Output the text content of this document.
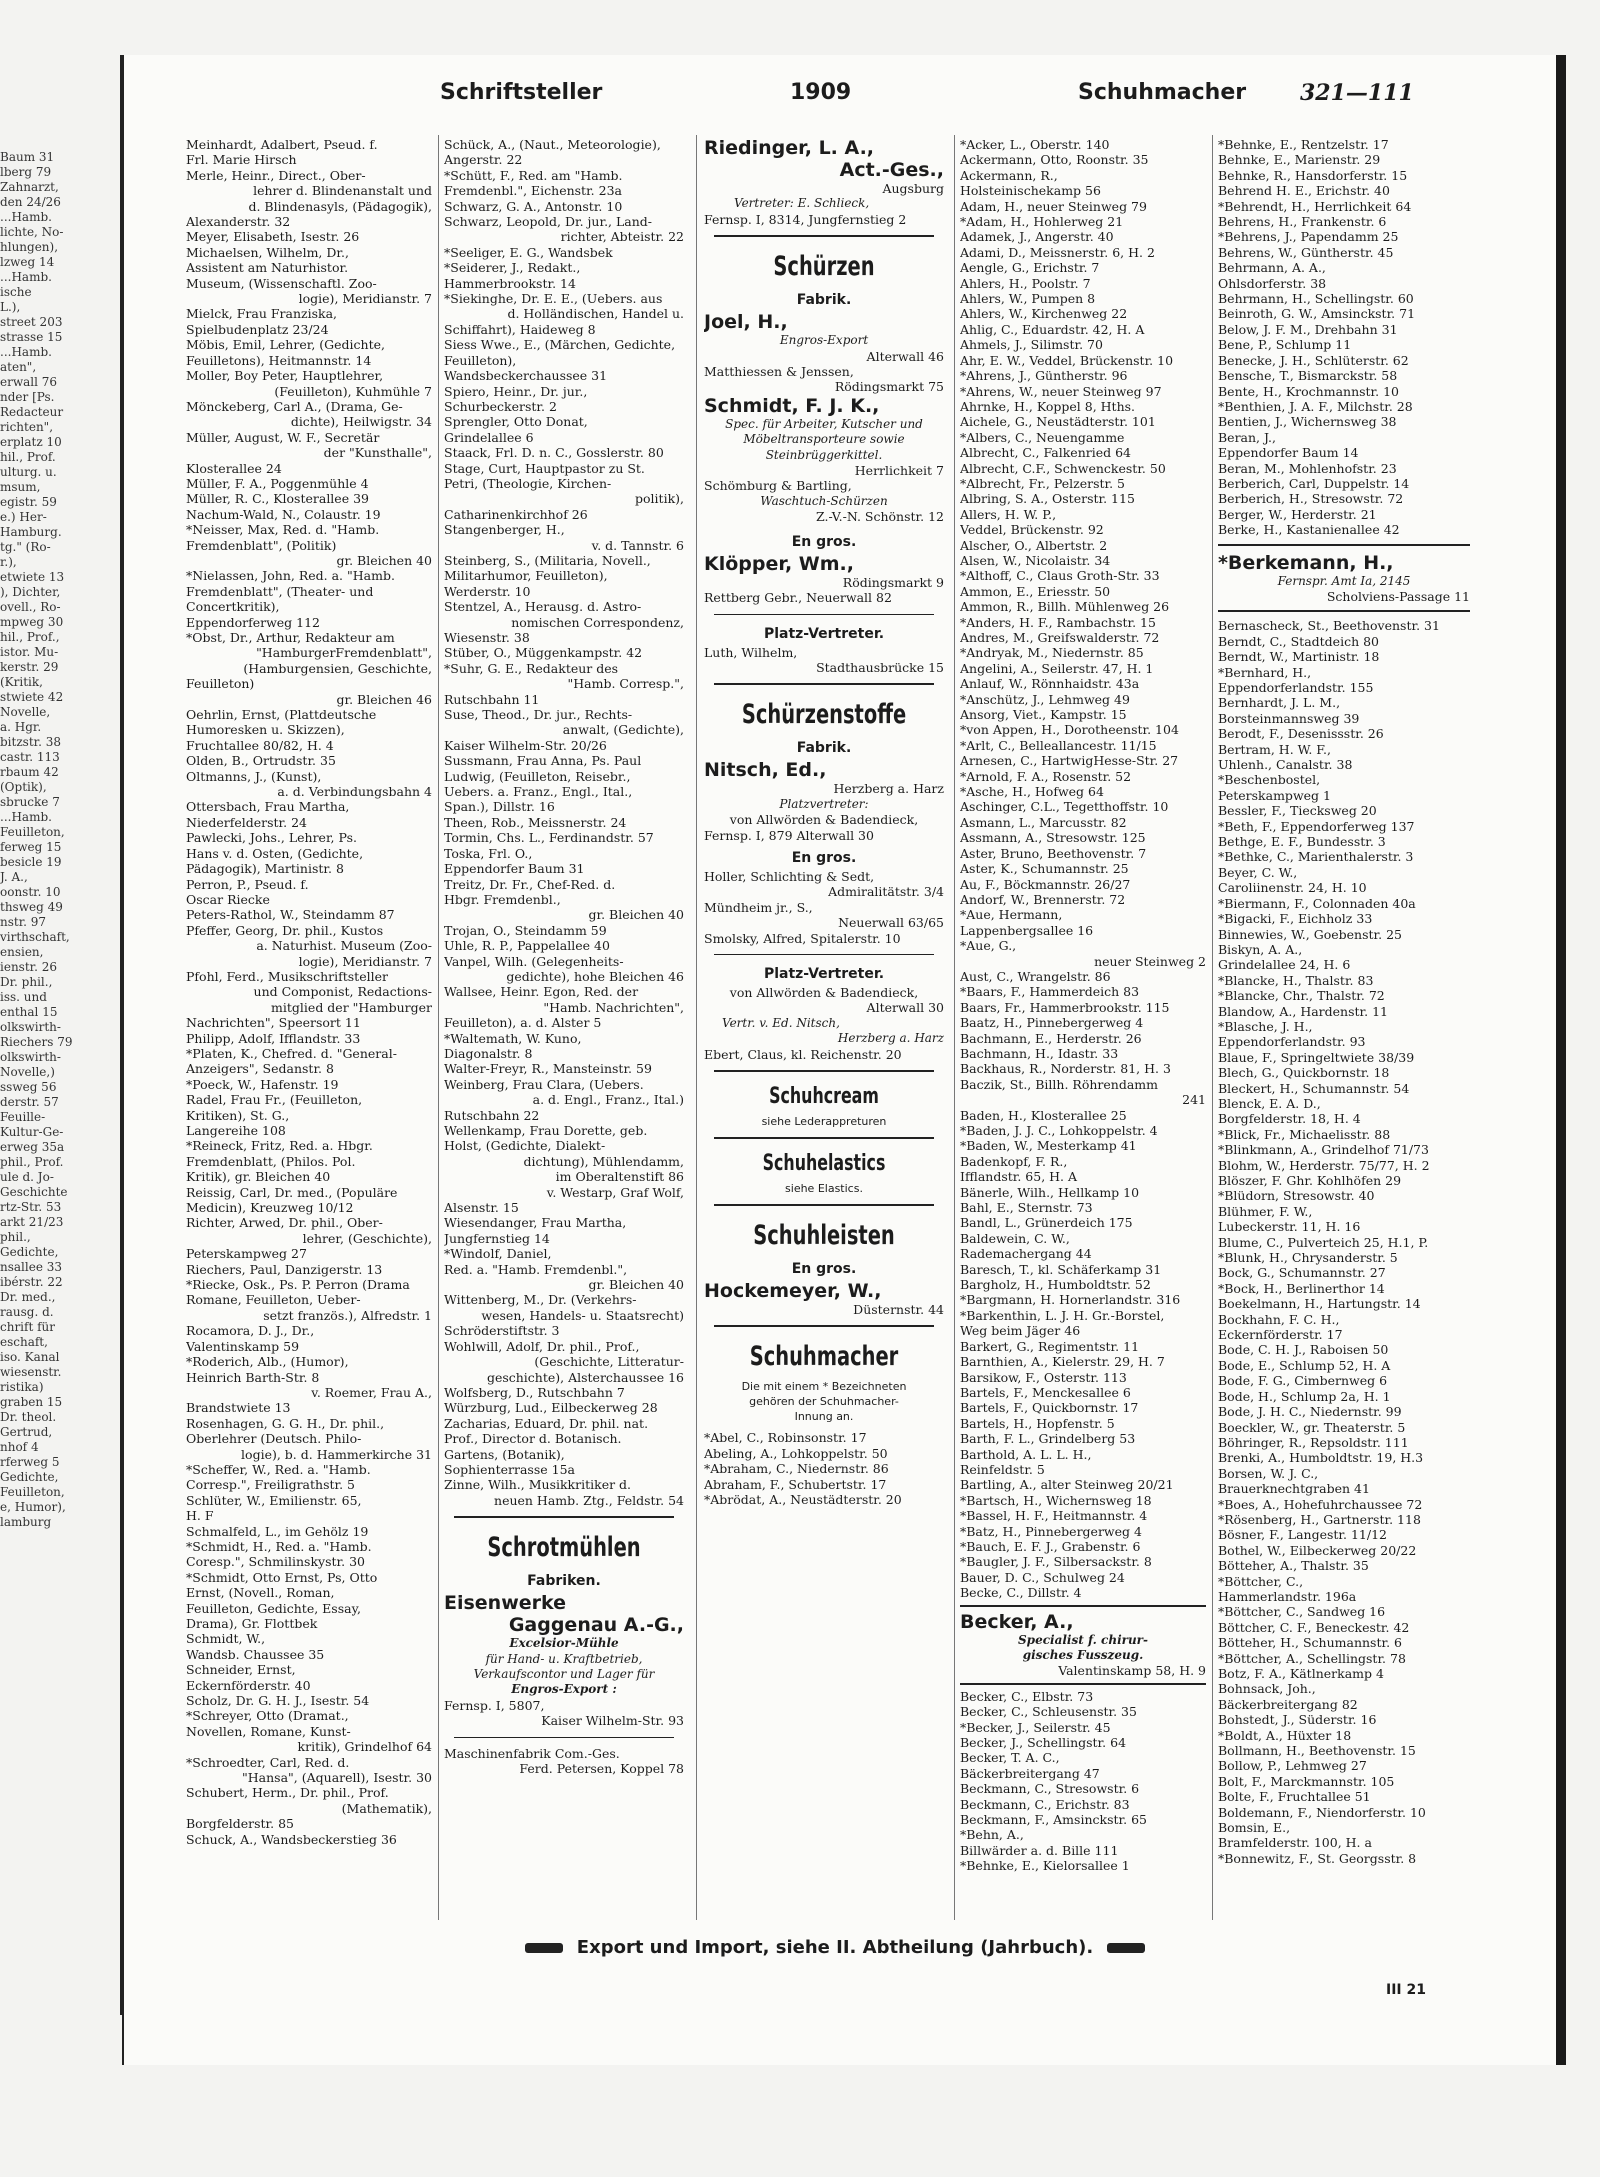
Baum 31
lberg 79
Zahnarzt,
den 24/26
...Hamb.
lichte, No-
hlungen),
lzweg 14
...Hamb.
ische
L.),
street 203
strasse 15
...Hamb.
aten",
erwall 76
nder [Ps.
Redacteur
richten",
erplatz 10
hil., Prof.
ulturg. u.
msum,
egistr. 59
e.) Her-
Hamburg.
tg." (Ro-
r.),
etwiete 13
), Dichter,
ovell., Ro-
mpweg 30
hil., Prof.,
istor. Mu-
kerstr. 29
(Kritik,
stwiete 42
Novelle,
a. Hgr.
bitzstr. 38
castr. 113
rbaum 42
(Optik),
sbrucke 7
...Hamb.
Feuilleton,
ferweg 15
besicle 19
J. A.,
oonstr. 10
thsweg 49
nstr. 97
virthschaft,
ensien,
ienstr. 26
Dr. phil.,
iss. und
enthal 15
olkswirth-
Riechers 79
olkswirth-
Novelle,)
ssweg 56
derstr. 57
Feuille-
Kultur-Ge-
erweg 35a
phil., Prof.
ule d. Jo-
Geschichte
rtz-Str. 53
arkt 21/23
phil.,
Gedichte,
nsallee 33
ibérstr. 22
Dr. med.,
rausg. d.
chrift für
eschaft,
iso. Kanal
wiesenstr.
ristika)
graben 15
Dr. theol.
Gertrud,
nhof 4
rferweg 5
Gedichte,
Feuilleton,
e, Humor),
lamburg
Schriftsteller	1909	Schuhmacher 321—111
Meinhardt, Adalbert, Pseud. f.
Frl. Marie Hirsch
Merle, Heinr., Direct., Ober-
lehrer d. Blindenanstalt und
d. Blindenasyls, (Pädagogik),
Alexanderstr. 32
Meyer, Elisabeth, Isestr. 26
Michaelsen, Wilhelm, Dr.,
Assistent am Naturhistor.
Museum, (Wissenschaftl. Zoo-
logie), Meridianstr. 7
Mielck, Frau Franziska,
Spielbudenplatz 23/24
Möbis, Emil, Lehrer, (Gedichte,
Feuilletons), Heitmannstr. 14
Moller, Boy Peter, Hauptlehrer,
(Feuilleton), Kuhmühle 7
Mönckeberg, Carl A., (Drama, Ge-
dichte), Heilwigstr. 34
Müller, August, W. F., Secretär
der "Kunsthalle",
Klosterallee 24
Müller, F. A., Poggenmühle 4
Müller, R. C., Klosterallee 39
Nachum-Wald, N., Colaustr. 19
*Neisser, Max, Red. d. "Hamb.
Fremdenblatt", (Politik)
gr. Bleichen 40
*Nielassen, John, Red. a. "Hamb.
Fremdenblatt", (Theater- und
Concertkritik),
Eppendorferweg 112
*Obst, Dr., Arthur, Redakteur am
"HamburgerFremdenblatt",
(Hamburgensien, Geschichte,
Feuilleton)
gr. Bleichen 46
Oehrlin, Ernst, (Plattdeutsche
Humoresken u. Skizzen),
Fruchtallee 80/82, H. 4
Olden, B., Ortrudstr. 35
Oltmanns, J., (Kunst),
a. d. Verbindungsbahn 4
Ottersbach, Frau Martha,
Niederfelderstr. 24
Pawlecki, Johs., Lehrer, Ps.
Hans v. d. Osten, (Gedichte,
Pädagogik), Martinistr. 8
Perron, P., Pseud. f.
Oscar Riecke
Peters-Rathol, W., Steindamm 87
Pfeffer, Georg, Dr. phil., Kustos
a. Naturhist. Museum (Zoo-
logie), Meridianstr. 7
Pfohl, Ferd., Musikschriftsteller
und Componist, Redactions-
mitglied der "Hamburger
Nachrichten", Speersort 11
Philipp, Adolf, Ifflandstr. 33
*Platen, K., Chefred. d. "General-
Anzeigers", Sedanstr. 8
*Poeck, W., Hafenstr. 19
Radel, Frau Fr., (Feuilleton,
Kritiken), St. G.,
Langereihe 108
*Reineck, Fritz, Red. a. Hbgr.
Fremdenblatt, (Philos. Pol.
Kritik), gr. Bleichen 40
Reissig, Carl, Dr. med., (Populäre
Medicin), Kreuzweg 10/12
Richter, Arwed, Dr. phil., Ober-
lehrer, (Geschichte),
Peterskampweg 27
Riechers, Paul, Danzigerstr. 13
*Riecke, Osk., Ps. P. Perron (Drama
Romane, Feuilleton, Ueber-
setzt französ.), Alfredstr. 1
Rocamora, D. J., Dr.,
Valentinskamp 59
*Roderich, Alb., (Humor),
Heinrich Barth-Str. 8
v. Roemer, Frau A.,
Brandstwiete 13
Rosenhagen, G. G. H., Dr. phil.,
Oberlehrer (Deutsch. Philo-
logie), b. d. Hammerkirche 31
*Scheffer, W., Red. a. "Hamb.
Corresp.", Freiligrathstr. 5
Schlüter, W., Emilienstr. 65,
H. F
Schmalfeld, L., im Gehölz 19
*Schmidt, H., Red. a. "Hamb.
Coresp.", Schmilinskystr. 30
*Schmidt, Otto Ernst, Ps, Otto
Ernst, (Novell., Roman,
Feuilleton, Gedichte, Essay,
Drama), Gr. Flottbek
Schmidt, W.,
Wandsb. Chaussee 35
Schneider, Ernst,
Eckernförderstr. 40
Scholz, Dr. G. H. J., Isestr. 54
*Schreyer, Otto (Dramat.,
Novellen, Romane, Kunst-
kritik), Grindelhof 64
*Schroedter, Carl, Red. d.
"Hansa", (Aquarell), Isestr. 30
Schubert, Herm., Dr. phil., Prof.
(Mathematik),
Borgfelderstr. 85
Schuck, A., Wandsbeckerstieg 36
Schück, A., (Naut., Meteorologie),
Angerstr. 22
*Schütt, F., Red. am "Hamb.
Fremdenbl.", Eichenstr. 23a
Schwarz, G. A., Antonstr. 10
Schwarz, Leopold, Dr. jur., Land-
richter, Abteistr. 22
*Seeliger, E. G., Wandsbek
*Seiderer, J., Redakt.,
Hammerbrookstr. 14
*Siekinghe, Dr. E. E., (Uebers. aus
d. Holländischen, Handel u.
Schiffahrt), Haideweg 8
Siess Wwe., E., (Märchen, Gedichte,
Feuilleton),
Wandsbeckerchaussee 31
Spiero, Heinr., Dr. jur.,
Schurbeckerstr. 2
Sprengler, Otto Donat,
Grindelallee 6
Staack, Frl. D. n. C., Gosslerstr. 80
Stage, Curt, Hauptpastor zu St.
Petri, (Theologie, Kirchen-
politik),
Catharinenkirchhof 26
Stangenberger, H.,
v. d. Tannstr. 6
Steinberg, S., (Militaria, Novell.,
Militarhumor, Feuilleton),
Werderstr. 10
Stentzel, A., Herausg. d. Astro-
nomischen Correspondenz,
Wiesenstr. 38
Stüber, O., Müggenkampstr. 42
*Suhr, G. E., Redakteur des
"Hamb. Corresp.",
Rutschbahn 11
Suse, Theod., Dr. jur., Rechts-
anwalt, (Gedichte),
Kaiser Wilhelm-Str. 20/26
Sussmann, Frau Anna, Ps. Paul
Ludwig, (Feuilleton, Reisebr.,
Uebers. a. Franz., Engl., Ital.,
Span.), Dillstr. 16
Theen, Rob., Meissnerstr. 24
Tormin, Chs. L., Ferdinandstr. 57
Toska, Frl. O.,
Eppendorfer Baum 31
Treitz, Dr. Fr., Chef-Red. d.
Hbgr. Fremdenbl.,
gr. Bleichen 40
Trojan, O., Steindamm 59
Uhle, R. P., Pappelallee 40
Vanpel, Wilh. (Gelegenheits-
gedichte), hohe Bleichen 46
Wallsee, Heinr. Egon, Red. der
"Hamb. Nachrichten",
Feuilleton), a. d. Alster 5
*Waltemath, W. Kuno,
Diagonalstr. 8
Walter-Freyr, R., Mansteinstr. 59
Weinberg, Frau Clara, (Uebers.
a. d. Engl., Franz., Ital.)
Rutschbahn 22
Wellenkamp, Frau Dorette, geb.
Holst, (Gedichte, Dialekt-
dichtung), Mühlendamm,
im Oberaltenstift 86
v. Westarp, Graf Wolf,
Alsenstr. 15
Wiesendanger, Frau Martha,
Jungfernstieg 14
*Windolf, Daniel,
Red. a. "Hamb. Fremdenbl.",
gr. Bleichen 40
Wittenberg, M., Dr. (Verkehrs-
wesen, Handels- u. Staatsrecht)
Schröderstiftstr. 3
Wohlwill, Adolf, Dr. phil., Prof.,
(Geschichte, Litteratur-
geschichte), Alsterchaussee 16
Wolfsberg, D., Rutschbahn 7
Würzburg, Lud., Eilbeckerweg 28
Zacharias, Eduard, Dr. phil. nat.
Prof., Director d. Botanisch.
Gartens, (Botanik),
Sophienterrasse 15a
Zinne, Wilh., Musikkritiker d.
neuen Hamb. Ztg., Feldstr. 54
Schrotmühlen
Fabriken.
Eisenwerke
Gaggenau A.-G.,
Excelsior-Mühle
für Hand- u. Kraftbetrieb,
Verkaufscontor und Lager für
Engros-Export :
Fernsp. I, 5807,
Kaiser Wilhelm-Str. 93
Maschinenfabrik Com.-Ges.
Ferd. Petersen, Koppel 78
Riedinger, L. A.,
Act.-Ges.,
Augsburg
Vertreter: E. Schlieck,
Fernsp. I, 8314, Jungfernstieg 2
Schürzen
Fabrik.
Joel, H.,
Engros-Export
Alterwall 46
Matthiessen & Jenssen,
Rödingsmarkt 75
Schmidt, F. J. K.,
Spec. für Arbeiter, Kutscher und
Möbeltransporteure sowie
Steinbrüggerkittel.
Herrlichkeit 7
Schömburg & Bartling,
Waschtuch-Schürzen
Z.-V.-N. Schönstr. 12
En gros.
Klöpper, Wm.,
Rödingsmarkt 9
Rettberg Gebr., Neuerwall 82
Platz-Vertreter.
Luth, Wilhelm,
Stadthausbrücke 15
Schürzenstoffe
Fabrik.
Nitsch, Ed.,
Herzberg a. Harz
Platzvertreter:
von Allwörden & Badendieck,
Fernsp. I, 879 Alterwall 30
En gros.
Holler, Schlichting & Sedt,
Admiralitätstr. 3/4
Mündheim jr., S.,
Neuerwall 63/65
Smolsky, Alfred, Spitalerstr. 10
Platz-Vertreter.
von Allwörden & Badendieck,
Alterwall 30
Vertr. v. Ed. Nitsch,
Herzberg a. Harz
Ebert, Claus, kl. Reichenstr. 20
Schuhcream
siehe Lederappreturen
Schuhelastics
siehe Elastics.
Schuhleisten
En gros.
Hockemeyer, W.,
Düsternstr. 44
Schuhmacher
Die mit einem * Bezeichneten
gehören der Schuhmacher-
Innung an.
*Abel, C., Robinsonstr. 17
Abeling, A., Lohkoppelstr. 50
*Abraham, C., Niedernstr. 86
Abraham, F., Schubertstr. 17
*Abrödat, A., Neustädterstr. 20
*Acker, L., Oberstr. 140
Ackermann, Otto, Roonstr. 35
Ackermann, R.,
Holsteinischekamp 56
Adam, H., neuer Steinweg 79
*Adam, H., Hohlerweg 21
Adamek, J., Angerstr. 40
Adami, D., Meissnerstr. 6, H. 2
Aengle, G., Erichstr. 7
Ahlers, H., Poolstr. 7
Ahlers, W., Pumpen 8
Ahlers, W., Kirchenweg 22
Ahlig, C., Eduardstr. 42, H. A
Ahmels, J., Silimstr. 70
Ahr, E. W., Veddel, Brückenstr. 10
*Ahrens, J., Güntherstr. 96
*Ahrens, W., neuer Steinweg 97
Ahrnke, H., Koppel 8, Hths.
Aichele, G., Neustädterstr. 101
*Albers, C., Neuengamme
Albrecht, C., Falkenried 64
Albrecht, C.F., Schwenckestr. 50
*Albrecht, Fr., Pelzerstr. 5
Albring, S. A., Osterstr. 115
Allers, H. W. P.,
Veddel, Brückenstr. 92
Alscher, O., Albertstr. 2
Alsen, W., Nicolaistr. 34
*Althoff, C., Claus Groth-Str. 33
Ammon, E., Eriesstr. 50
Ammon, R., Billh. Mühlenweg 26
*Anders, H. F., Rambachstr. 15
Andres, M., Greifswalderstr. 72
*Andryak, M., Niedernstr. 85
Angelini, A., Seilerstr. 47, H. 1
Anlauf, W., Rönnhaidstr. 43a
*Anschütz, J., Lehmweg 49
Ansorg, Viet., Kampstr. 15
*von Appen, H., Dorotheenstr. 104
*Arlt, C., Belleallancestr. 11/15
Arnesen, C., HartwigHesse-Str. 27
*Arnold, F. A., Rosenstr. 52
*Asche, H., Hofweg 64
Aschinger, C.L., Tegetthoffstr. 10
Asmann, L., Marcusstr. 82
Assmann, A., Stresowstr. 125
Aster, Bruno, Beethovenstr. 7
Aster, K., Schumannstr. 25
Au, F., Böckmannstr. 26/27
Andorf, W., Brennerstr. 72
*Aue, Hermann,
Lappenbergsallee 16
*Aue, G.,
neuer Steinweg 2
Aust, C., Wrangelstr. 86
*Baars, F., Hammerdeich 83
Baars, Fr., Hammerbrookstr. 115
Baatz, H., Pinnebergerweg 4
Bachmann, E., Herderstr. 26
Bachmann, H., Idastr. 33
Backhaus, R., Norderstr. 81, H. 3
Baczik, St., Billh. Röhrendamm
241
Baden, H., Klosterallee 25
*Baden, J. J. C., Lohkoppelstr. 4
*Baden, W., Mesterkamp 41
Badenkopf, F. R.,
Ifflandstr. 65, H. A
Bänerle, Wilh., Hellkamp 10
Bahl, E., Sternstr. 73
Bandl, L., Grünerdeich 175
Baldewein, C. W.,
Rademachergang 44
Baresch, T., kl. Schäferkamp 31
Bargholz, H., Humboldtstr. 52
*Bargmann, H. Hornerlandstr. 316
*Barkenthin, L. J. H. Gr.-Borstel,
Weg beim Jäger 46
Barkert, G., Regimentstr. 11
Barnthien, A., Kielerstr. 29, H. 7
Barsikow, F., Osterstr. 113
Bartels, F., Menckesallee 6
Bartels, F., Quickbornstr. 17
Bartels, H., Hopfenstr. 5
Barth, F. L., Grindelberg 53
Barthold, A. L. L. H.,
Reinfeldstr. 5
Bartling, A., alter Steinweg 20/21
*Bartsch, H., Wichernsweg 18
*Bassel, H. F., Heitmannstr. 4
*Batz, H., Pinnebergerweg 4
*Bauch, E. F. J., Grabenstr. 6
*Baugler, J. F., Silbersackstr. 8
Bauer, D. C., Schulweg 24
Becke, C., Dillstr. 4
Becker, A.,
Specialist f. chirur-
gisches Fusszeug.
Valentinskamp 58, H. 9
Becker, C., Elbstr. 73
Becker, C., Schleusenstr. 35
*Becker, J., Seilerstr. 45
Becker, J., Schellingstr. 64
Becker, T. A. C.,
Bäckerbreitergang 47
Beckmann, C., Stresowstr. 6
Beckmann, C., Erichstr. 83
Beckmann, F., Amsinckstr. 65
*Behn, A.,
Billwärder a. d. Bille 111
*Behnke, E., Kielorsallee 1
*Behnke, E., Rentzelstr. 17
Behnke, E., Marienstr. 29
Behnke, R., Hansdorferstr. 15
Behrend H. E., Erichstr. 40
*Behrendt, H., Herrlichkeit 64
Behrens, H., Frankenstr. 6
*Behrens, J., Papendamm 25
Behrens, W., Güntherstr. 45
Behrmann, A. A.,
Ohlsdorferstr. 38
Behrmann, H., Schellingstr. 60
Beinroth, G. W., Amsinckstr. 71
Below, J. F. M., Drehbahn 31
Bene, P., Schlump 11
Benecke, J. H., Schlüterstr. 62
Bensche, T., Bismarckstr. 58
Bente, H., Krochmannstr. 10
*Benthien, J. A. F., Milchstr. 28
Bentien, J., Wichernsweg 38
Beran, J.,
Eppendorfer Baum 14
Beran, M., Mohlenhofstr. 23
Berberich, Carl, Duppelstr. 14
Berberich, H., Stresowstr. 72
Berger, W., Herderstr. 21
Berke, H., Kastanienallee 42
*Berkemann, H.,
Fernspr. Amt Ia, 2145
Scholviens-Passage 11
Bernascheck, St., Beethovenstr. 31
Berndt, C., Stadtdeich 80
Berndt, W., Martinistr. 18
*Bernhard, H.,
Eppendorferlandstr. 155
Bernhardt, J. L. M.,
Borsteinmannsweg 39
Berodt, F., Desenissstr. 26
Bertram, H. W. F.,
Uhlenh., Canalstr. 38
*Beschenbostel,
Peterskampweg 1
Bessler, F., Tiecksweg 20
*Beth, F., Eppendorferweg 137
Bethge, E. F., Bundesstr. 3
*Bethke, C., Marienthalerstr. 3
Beyer, C. W.,
Caroliinenstr. 24, H. 10
*Biermann, F., Colonnaden 40a
*Bigacki, F., Eichholz 33
Binnewies, W., Goebenstr. 25
Biskyn, A. A.,
Grindelallee 24, H. 6
*Blancke, H., Thalstr. 83
*Blancke, Chr., Thalstr. 72
Blandow, A., Hardenstr. 11
*Blasche, J. H.,
Eppendorferlandstr. 93
Blaue, F., Springeltwiete 38/39
Blech, G., Quickbornstr. 18
Bleckert, H., Schumannstr. 54
Blenck, E. A. D.,
Borgfelderstr. 18, H. 4
*Blick, Fr., Michaelisstr. 88
*Blinkmann, A., Grindelhof 71/73
Blohm, W., Herderstr. 75/77, H. 2
Blöszer, F. Ghr. Kohlhöfen 29
*Blüdorn, Stresowstr. 40
Blühmer, F. W.,
Lubeckerstr. 11, H. 16
Blume, C., Pulverteich 25, H.1, P.
*Blunk, H., Chrysanderstr. 5
Bock, G., Schumannstr. 27
*Bock, H., Berlinerthor 14
Boekelmann, H., Hartungstr. 14
Bockhahn, F. C. H.,
Eckernförderstr. 17
Bode, C. H. J., Raboisen 50
Bode, E., Schlump 52, H. A
Bode, F. G., Cimbernweg 6
Bode, H., Schlump 2a, H. 1
Bode, J. H. C., Niedernstr. 99
Boeckler, W., gr. Theaterstr. 5
Böhringer, R., Repsoldstr. 111
Brenki, A., Humboldtstr. 19, H.3
Borsen, W. J. C.,
Brauerknechtgraben 41
*Boes, A., Hohefuhrchaussee 72
*Rösenberg, H., Gartnerstr. 118
Bösner, F., Langestr. 11/12
Bothel, W., Eilbeckerweg 20/22
Bötteher, A., Thalstr. 35
*Böttcher, C.,
Hammerlandstr. 196a
*Böttcher, C., Sandweg 16
Böttcher, C. F., Beneckestr. 42
Bötteher, H., Schumannstr. 6
*Böttcher, A., Schellingstr. 78
Botz, F. A., Kätlnerkamp 4
Bohnsack, Joh.,
Bäckerbreitergang 82
Bohstedt, J., Süderstr. 16
*Boldt, A., Hüxter 18
Bollmann, H., Beethovenstr. 15
Bollow, P., Lehmweg 27
Bolt, F., Marckmannstr. 105
Bolte, F., Fruchtallee 51
Boldemann, F., Niendorferstr. 10
Bomsin, E.,
Bramfelderstr. 100, H. a
*Bonnewitz, F., St. Georgsstr. 8
Export und Import, siehe II. Abtheilung (Jahrbuch).
III 21
